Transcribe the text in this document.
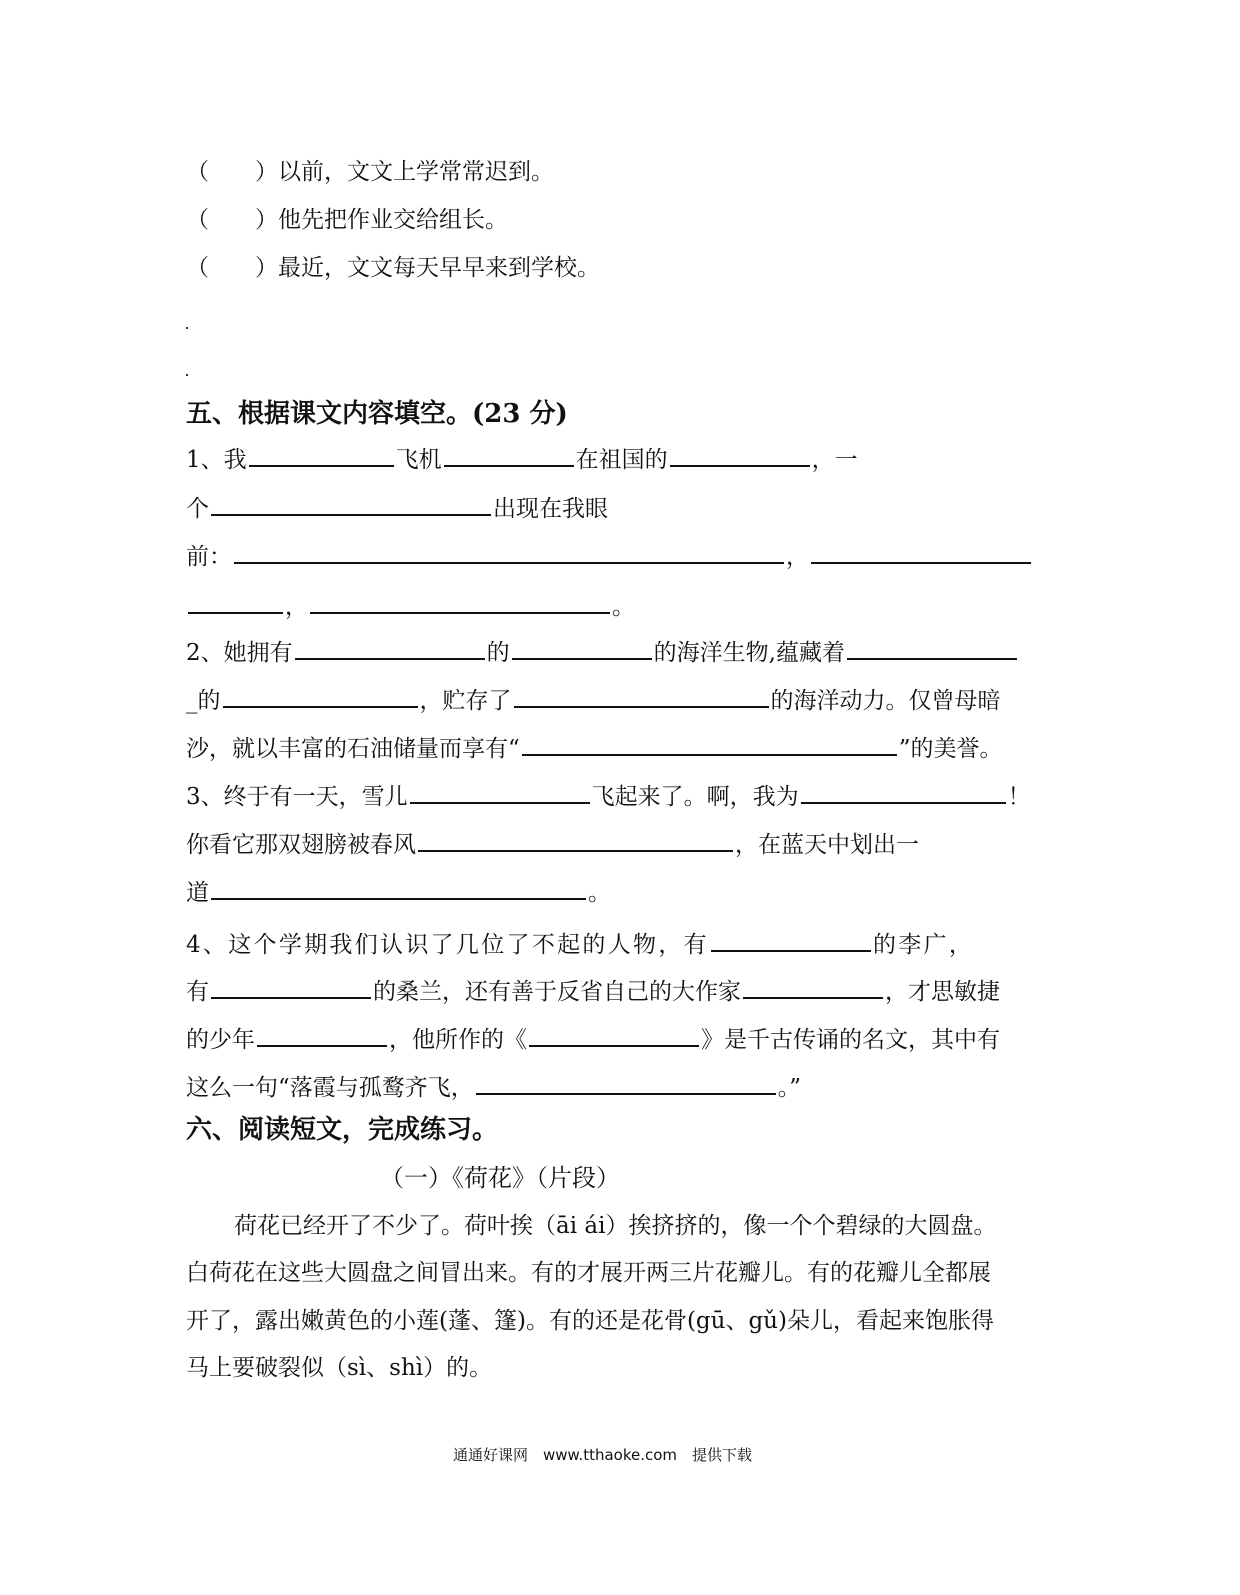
（　　）以前，文文上学常常迟到。
（　　）他先把作业交给组长。
（　　）最近，文文每天早早来到学校。
五、根据课文内容填空。(23 分)
1、我	飞机	在祖国的	，一
个	出现在我眼
前：	，
，	。
2、她拥有	的	的海洋生物,蕴藏着
_的	，贮存了	的海洋动力。仅曾母暗
沙，就以丰富的石油储量而享有“	”的美誉。
3、终于有一天，雪儿	飞起来了。啊，我为	！
你看它那双翅膀被春风	，在蓝天中划出一
道	。
4、这个学期我们认识了几位了不起的人物，有	的李广，
有	的桑兰，还有善于反省自己的大作家	，才思敏捷
的少年	，他所作的《	》是千古传诵的名文，其中有
这么一句“落霞与孤鹜齐飞，	。”
六、阅读短文，完成练习。
（一）《荷花》（片段）
荷花已经开了不少了。荷叶挨（āi ái）挨挤挤的，像一个个碧绿的大圆盘。
白荷花在这些大圆盘之间冒出来。有的才展开两三片花瓣儿。有的花瓣儿全都展
开了，露出嫩黄色的小莲(蓬、篷)。有的还是花骨(gū、gǔ)朵儿，看起来饱胀得
马上要破裂似（sì、shì）的。
通通好课网　www.tthaoke.com　提供下载
